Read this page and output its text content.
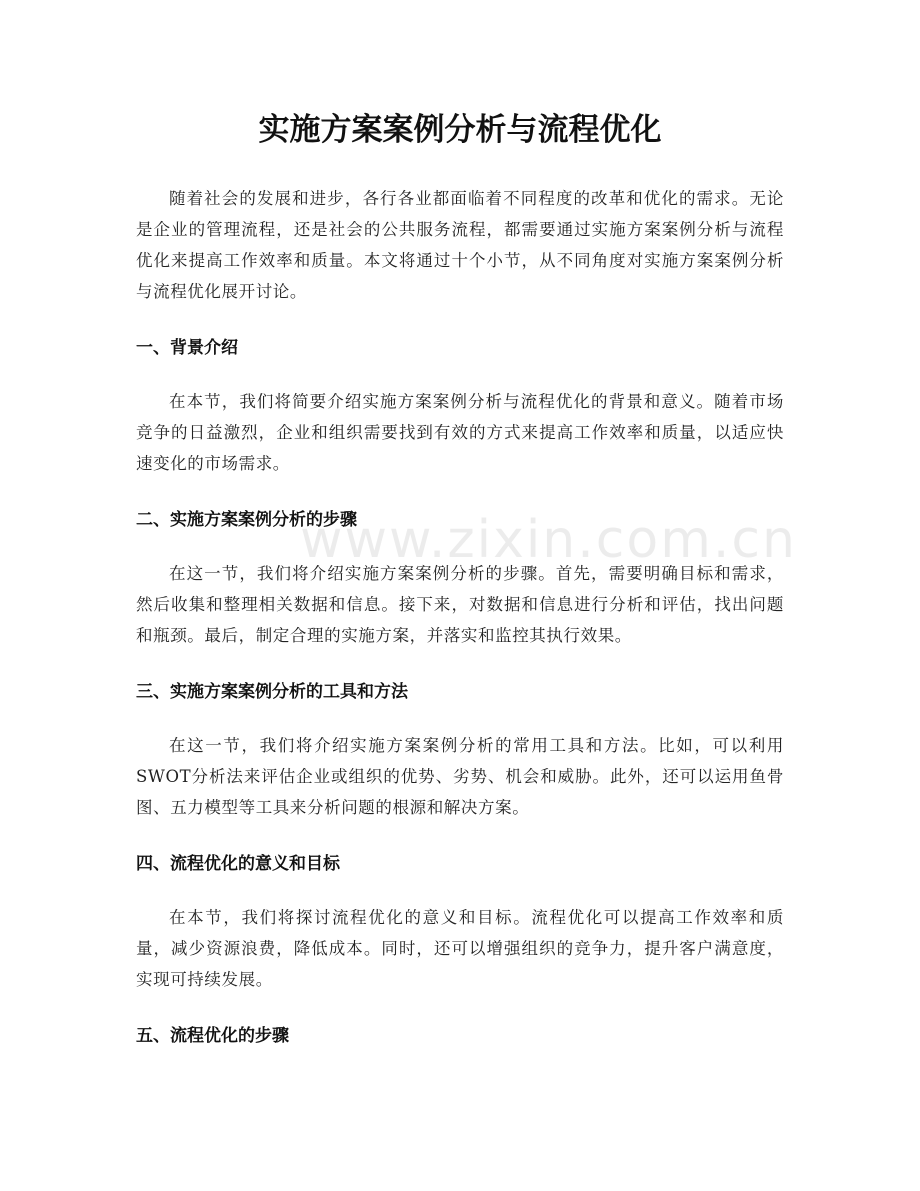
实施方案案例分析与流程优化

随着社会的发展和进步，各行各业都面临着不同程度的改革和优化的需求。无论是企业的管理流程，还是社会的公共服务流程，都需要通过实施方案案例分析与流程优化来提高工作效率和质量。本文将通过十个小节，从不同角度对实施方案案例分析与流程优化展开讨论。

一、背景介绍

在本节，我们将简要介绍实施方案案例分析与流程优化的背景和意义。随着市场竞争的日益激烈，企业和组织需要找到有效的方式来提高工作效率和质量，以适应快速变化的市场需求。

二、实施方案案例分析的步骤

在这一节，我们将介绍实施方案案例分析的步骤。首先，需要明确目标和需求，然后收集和整理相关数据和信息。接下来，对数据和信息进行分析和评估，找出问题和瓶颈。最后，制定合理的实施方案，并落实和监控其执行效果。

三、实施方案案例分析的工具和方法

在这一节，我们将介绍实施方案案例分析的常用工具和方法。比如，可以利用SWOT分析法来评估企业或组织的优势、劣势、机会和威胁。此外，还可以运用鱼骨图、五力模型等工具来分析问题的根源和解决方案。

四、流程优化的意义和目标

在本节，我们将探讨流程优化的意义和目标。流程优化可以提高工作效率和质量，减少资源浪费，降低成本。同时，还可以增强组织的竞争力，提升客户满意度，实现可持续发展。

五、流程优化的步骤
www.zixin.com.cn
